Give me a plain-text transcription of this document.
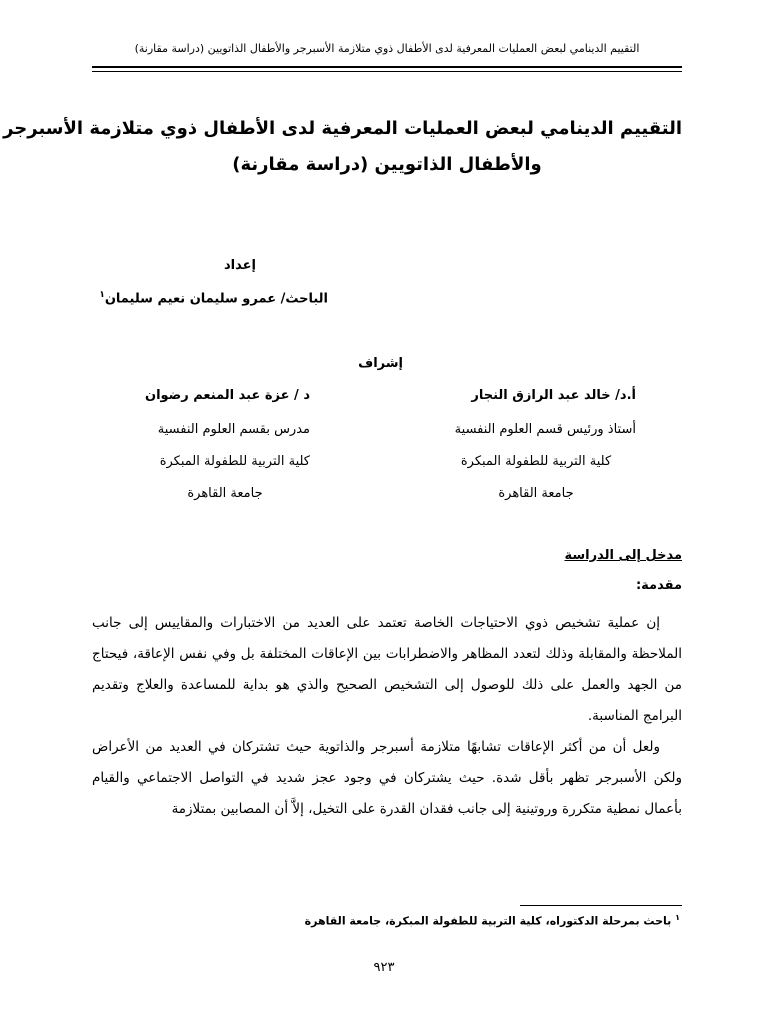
التقييم الدينامي لبعض العمليات المعرفية لدى الأطفال ذوي متلازمة الأسبرجر والأطفال الذاتويين (دراسة مقارنة)
التقييم الدينامي لبعض العمليات المعرفية لدى الأطفال ذوي متلازمة الأسبرجر
والأطفال الذاتويين (دراسة مقارنة)
إعداد
الباحث/ عمرو سليمان نعيم سليمان$^١$
إشراف
أ.د/ خالد عبد الرازق النجار
أستاذ ورئيس قسم العلوم النفسية
كلية التربية للطفولة المبكرة
جامعة القاهرة
د / عزة عبد المنعم رضوان
مدرس بقسم العلوم النفسية
كلية التربية للطفولة المبكرة
جامعة القاهرة
مدخل إلى الدراسة
مقدمة:

إن عملية تشخيص ذوي الاحتياجات الخاصة تعتمد على العديد من الاختبارات والمقاييس إلى جانب الملاحظة والمقابلة وذلك لتعدد المظاهر والاضطرابات بين الإعاقات المختلفة بل وفي نفس الإعاقة، فيحتاج من الجهد والعمل على ذلك للوصول إلى التشخيص الصحيح والذي هو بداية للمساعدة والعلاج وتقديم البرامج المناسبة.

ولعل أن من أكثر الإعاقات تشابهًا متلازمة أسبرجر والذاتوية حيث تشتركان في العديد من الأعراض ولكن الأسبرجر تظهر بأقل شدة. حيث يشتركان في وجود عجز شديد في التواصل الاجتماعي والقيام بأعمال نمطية متكررة وروتينية إلى جانب فقدان القدرة على التخيل، إلاَّ أن المصابين بمتلازمة

$^١$ باحث بمرحلة الدكتوراه، كلية التربية للطفولة المبكرة، جامعة القاهرة
٩٢٣
